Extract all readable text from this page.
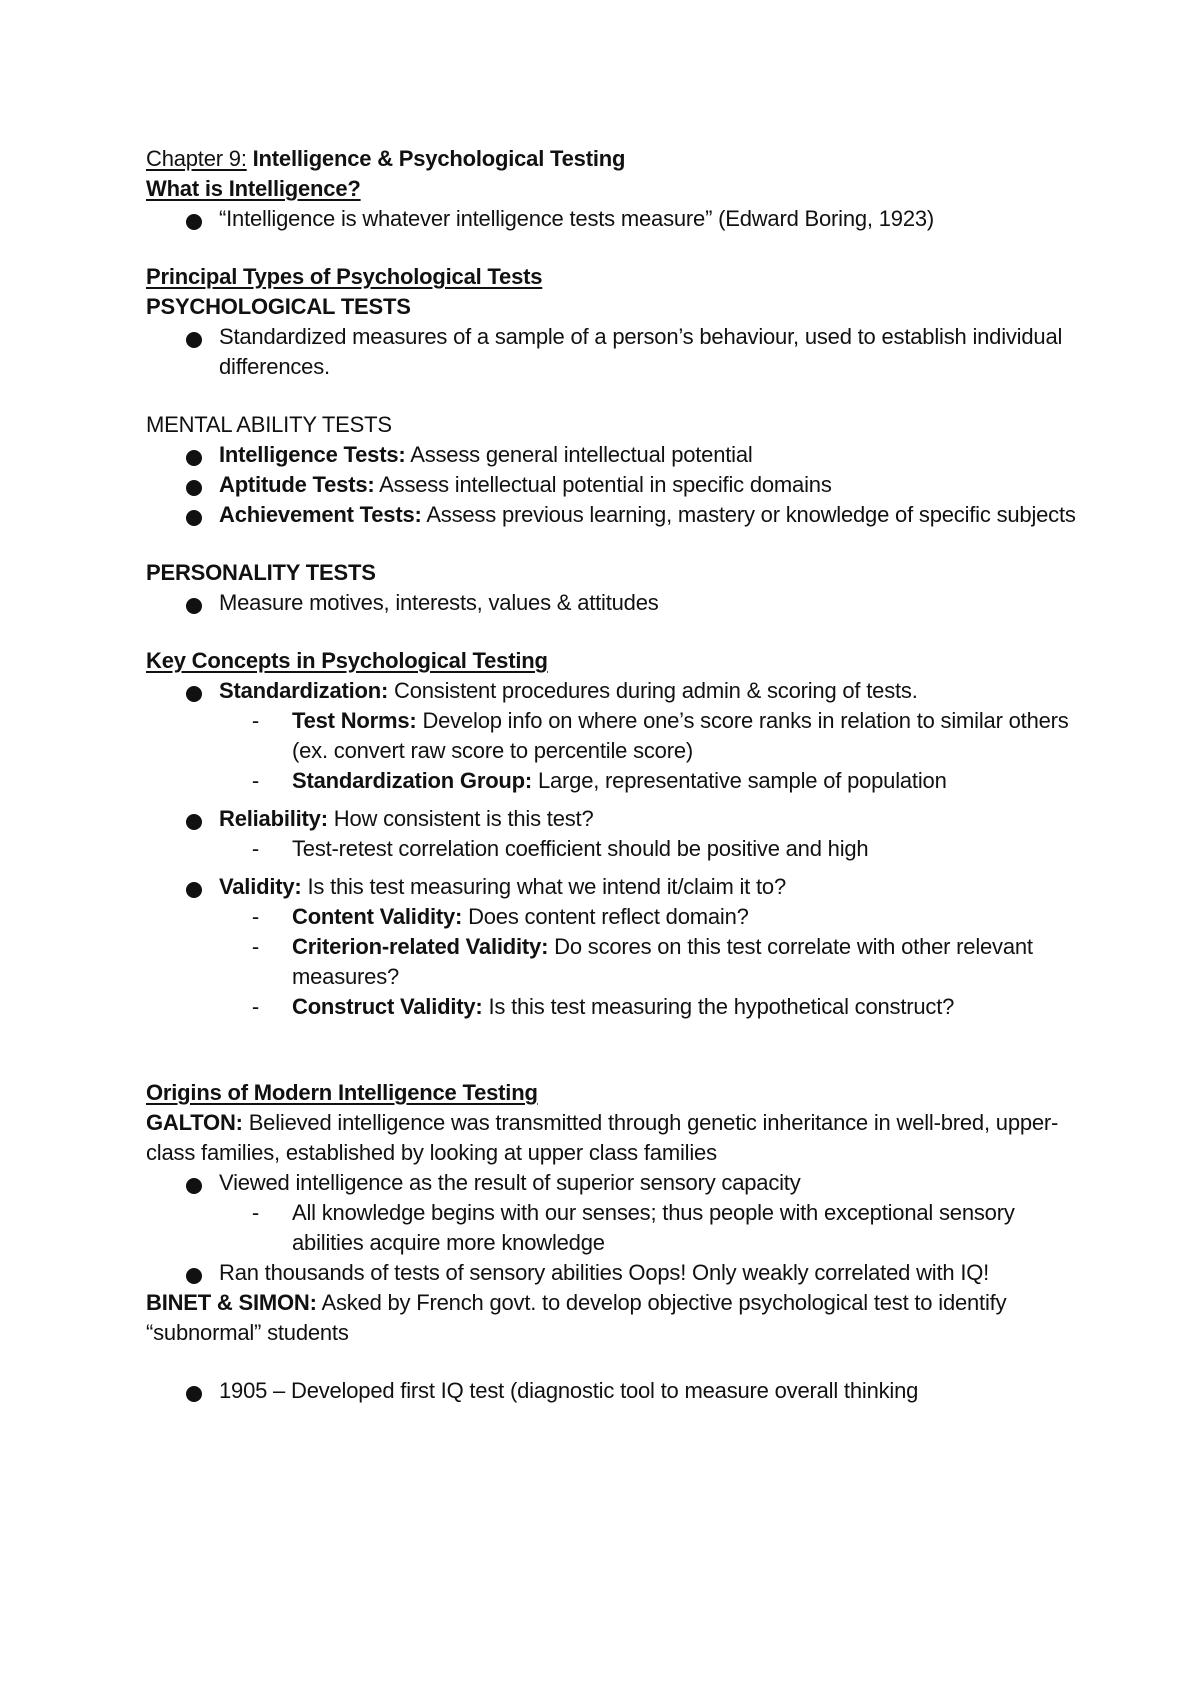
Chapter 9: Intelligence & Psychological Testing

What is Intelligence?

“Intelligence is whatever intelligence tests measure” (Edward Boring, 1923)

Principal Types of Psychological Tests

PSYCHOLOGICAL TESTS

Standardized measures of a sample of a person’s behaviour, used to establish individual differences.

MENTAL ABILITY TESTS

Intelligence Tests: Assess general intellectual potential
Aptitude Tests: Assess intellectual potential in specific domains
Achievement Tests: Assess previous learning, mastery or knowledge of specific subjects

PERSONALITY TESTS

Measure motives, interests, values & attitudes

Key Concepts in Psychological Testing

Standardization: Consistent procedures during admin & scoring of tests.
- Test Norms: Develop info on where one’s score ranks in relation to similar others (ex. convert raw score to percentile score)
- Standardization Group: Large, representative sample of population
Reliability: How consistent is this test?
- Test-retest correlation coefficient should be positive and high
Validity: Is this test measuring what we intend it/claim it to?
- Content Validity: Does content reflect domain?
- Criterion-related Validity: Do scores on this test correlate with other relevant measures?
- Construct Validity: Is this test measuring the hypothetical construct?

Origins of Modern Intelligence Testing

GALTON: Believed intelligence was transmitted through genetic inheritance in well-bred, upper-class families, established by looking at upper class families

Viewed intelligence as the result of superior sensory capacity
- All knowledge begins with our senses; thus people with exceptional sensory abilities acquire more knowledge
Ran thousands of tests of sensory abilities Oops! Only weakly correlated with IQ!

BINET & SIMON: Asked by French govt. to develop objective psychological test to identify “subnormal” students

1905 – Developed first IQ test (diagnostic tool to measure overall thinking
